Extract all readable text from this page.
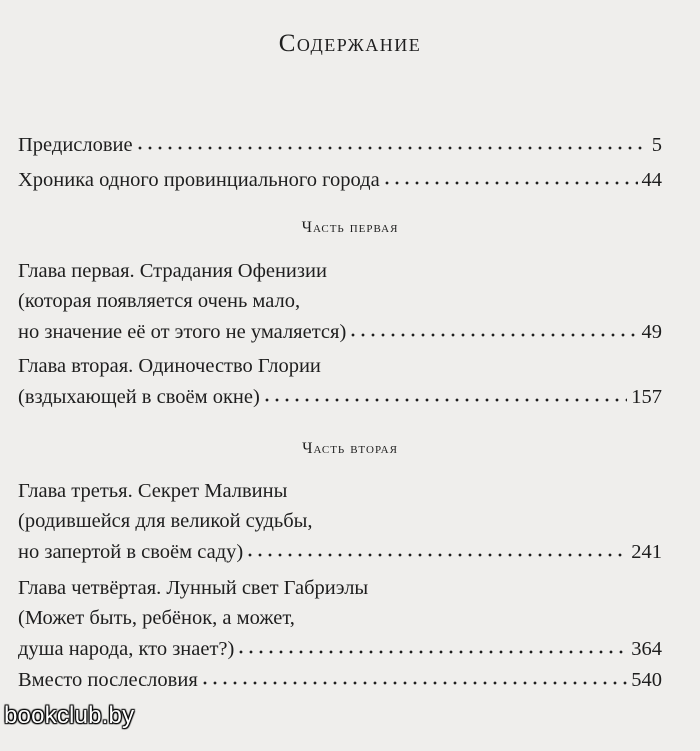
Содержание
Предисловие	5
Хроника одного провинциального города	44
Часть первая
Глава первая. Страдания Офенизии
(которая появляется очень мало,
но значение её от этого не умаляется)	49
Глава вторая. Одиночество Глории
(вздыхающей в своём окне)	157
Часть вторая
Глава третья. Секрет Малвины
(родившейся для великой судьбы,
но запертой в своём саду)	241
Глава четвёртая. Лунный свет Габриэлы
(Может быть, ребёнок, а может,
душа народа, кто знает?)	364
Вместо послесловия	540
bookclub.by
